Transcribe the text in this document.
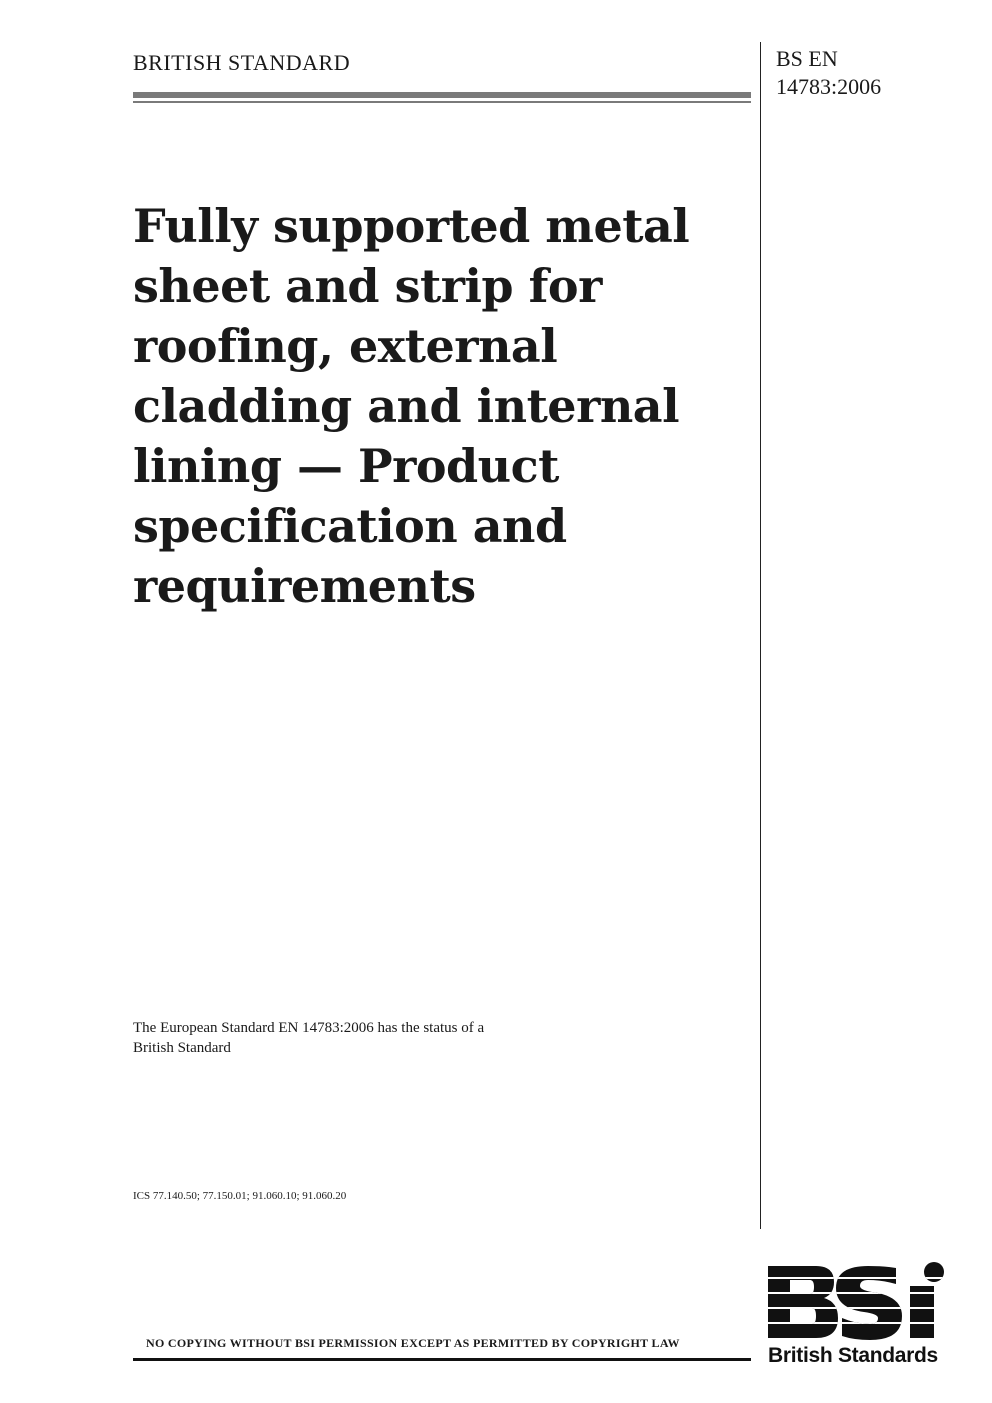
BRITISH STANDARD	BS EN
14783:2006
Fully supported metal
sheet and strip for
roofing, external
cladding and internal
lining — Product
specification and
requirements
The European Standard EN 14783:2006 has the status of a
British Standard
ICS 77.140.50; 77.150.01; 91.060.10; 91.060.20
NO COPYING WITHOUT BSI PERMISSION EXCEPT AS PERMITTED BY COPYRIGHT LAW
British Standards
